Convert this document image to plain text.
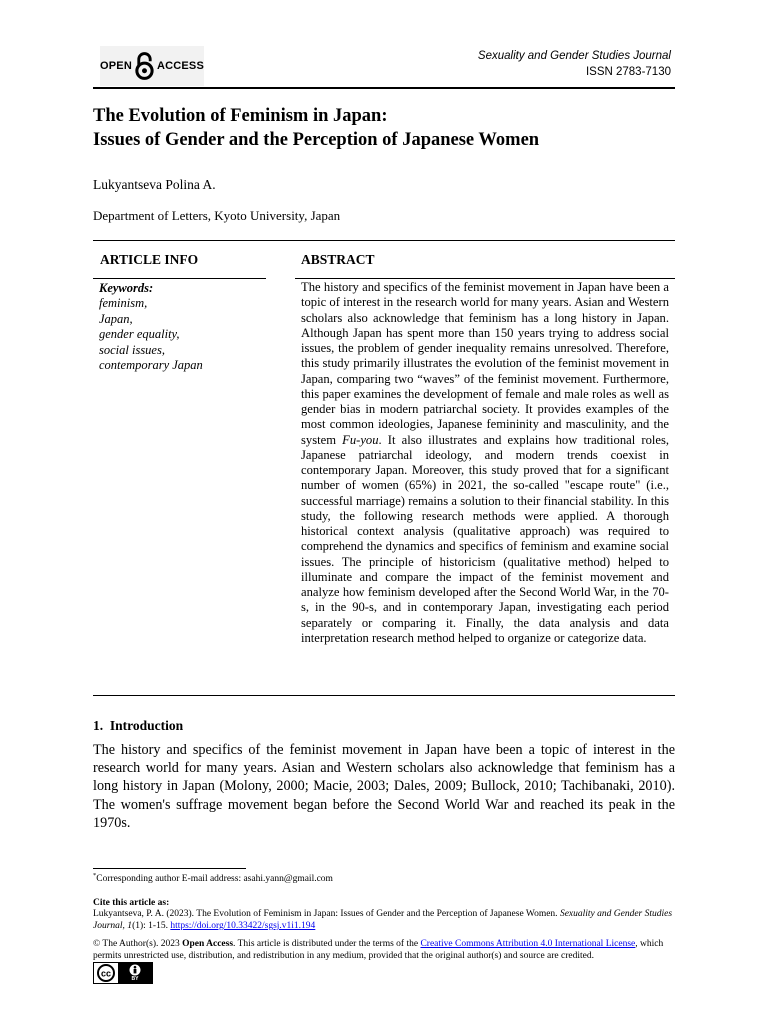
OPEN ACCESS
Sexuality and Gender Studies Journal
ISSN 2783-7130
The Evolution of Feminism in Japan:
Issues of Gender and the Perception of Japanese Women
Lukyantseva Polina A.
Department of Letters, Kyoto University, Japan
ARTICLE INFO	ABSTRACT
Keywords:
feminism,
Japan,
gender equality,
social issues,
contemporary Japan
The history and specifics of the feminist movement in Japan have been a topic of interest in the research world for many years. Asian and Western scholars also acknowledge that feminism has a long history in Japan. Although Japan has spent more than 150 years trying to address social issues, the problem of gender inequality remains unresolved. Therefore, this study primarily illustrates the evolution of the feminist movement in Japan, comparing two “waves” of the feminist movement. Furthermore, this paper examines the development of female and male roles as well as gender bias in modern patriarchal society. It provides examples of the most common ideologies, Japanese femininity and masculinity, and the system Fu-you. It also illustrates and explains how traditional roles, Japanese patriarchal ideology, and modern trends coexist in contemporary Japan. Moreover, this study proved that for a significant number of women (65%) in 2021, the so-called "escape route" (i.e., successful marriage) remains a solution to their financial stability. In this study, the following research methods were applied. A thorough historical context analysis (qualitative approach) was required to comprehend the dynamics and specifics of feminism and examine social issues. The principle of historicism (qualitative method) helped to illuminate and compare the impact of the feminist movement and analyze how feminism developed after the Second World War, in the 70-s, in the 90-s, and in contemporary Japan, investigating each period separately or comparing it. Finally, the data analysis and data interpretation research method helped to organize or categorize data.
1.  Introduction
The history and specifics of the feminist movement in Japan have been a topic of interest in the research world for many years. Asian and Western scholars also acknowledge that feminism has a long history in Japan (Molony, 2000; Macie, 2003; Dales, 2009; Bullock, 2010; Tachibanaki, 2010). The women's suffrage movement began before the Second World War and reached its peak in the 1970s.
*Corresponding author E-mail address: asahi.yann@gmail.com
Cite this article as:
Lukyantseva, P. A. (2023). The Evolution of Feminism in Japan: Issues of Gender and the Perception of Japanese Women. Sexuality and Gender Studies Journal, 1(1): 1-15. https://doi.org/10.33422/sgsj.v1i1.194
© The Author(s). 2023 Open Access. This article is distributed under the terms of the Creative Commons Attribution 4.0 International License, which permits unrestricted use, distribution, and redistribution in any medium, provided that the original author(s) and source are credited.
cc
BY
